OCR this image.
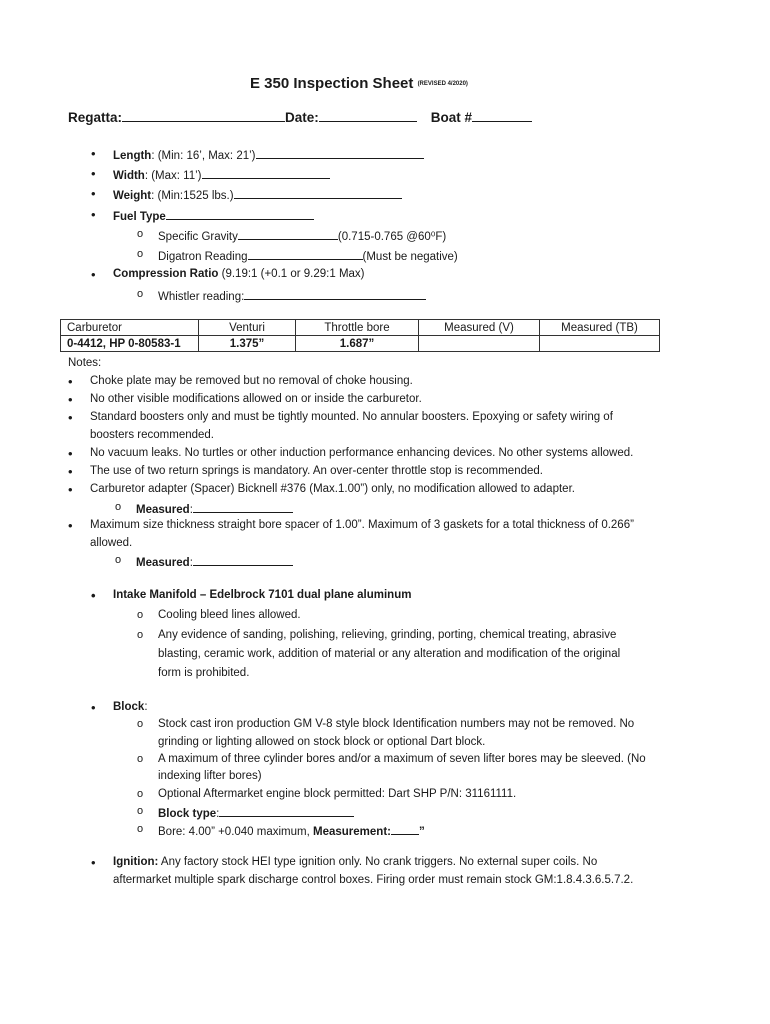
E 350 Inspection Sheet (REVISED 4/2020)
Regatta:	Date:	Boat #
• Length: (Min: 16’, Max: 21’)
• Width: (Max: 11’)
• Weight: (Min:1525 lbs.)
• Fuel Type
o Specific Gravity	(0.715-0.765 @60⁰F)
o Digatron Reading	(Must be negative)
• Compression Ratio (9.19:1 (+0.1 or 9.29:1 Max)
o Whistler reading:
Carburetor	Venturi	Throttle bore	Measured (V)	Measured (TB)
0-4412, HP 0-80583-1	1.375”	1.687”		
Notes:
• Choke plate may be removed but no removal of choke housing.
• No other visible modifications allowed on or inside the carburetor.
• Standard boosters only and must be tightly mounted. No annular boosters. Epoxying or safety wiring of
boosters recommended.
• No vacuum leaks. No turtles or other induction performance enhancing devices. No other systems allowed.
• The use of two return springs is mandatory. An over-center throttle stop is recommended.
• Carburetor adapter (Spacer) Bicknell #376 (Max.1.00”) only, no modification allowed to adapter.
o Measured:
• Maximum size thickness straight bore spacer of 1.00”. Maximum of 3 gaskets for a total thickness of 0.266”
allowed.
o Measured:
• Intake Manifold – Edelbrock 7101 dual plane aluminum
o Cooling bleed lines allowed.
o Any evidence of sanding, polishing, relieving, grinding, porting, chemical treating, abrasive
blasting, ceramic work, addition of material or any alteration and modification of the original
form is prohibited.
• Block:
o Stock cast iron production GM V-8 style block Identification numbers may not be removed. No
grinding or lighting allowed on stock block or optional Dart block.
o A maximum of three cylinder bores and/or a maximum of seven lifter bores may be sleeved. (No
indexing lifter bores)
o Optional Aftermarket engine block permitted: Dart SHP P/N: 31161111.
o Block type:
o Bore: 4.00” +0.040 maximum, Measurement: ”
• Ignition: Any factory stock HEI type ignition only. No crank triggers. No external super coils. No
aftermarket multiple spark discharge control boxes. Firing order must remain stock GM:1.8.4.3.6.5.7.2.
